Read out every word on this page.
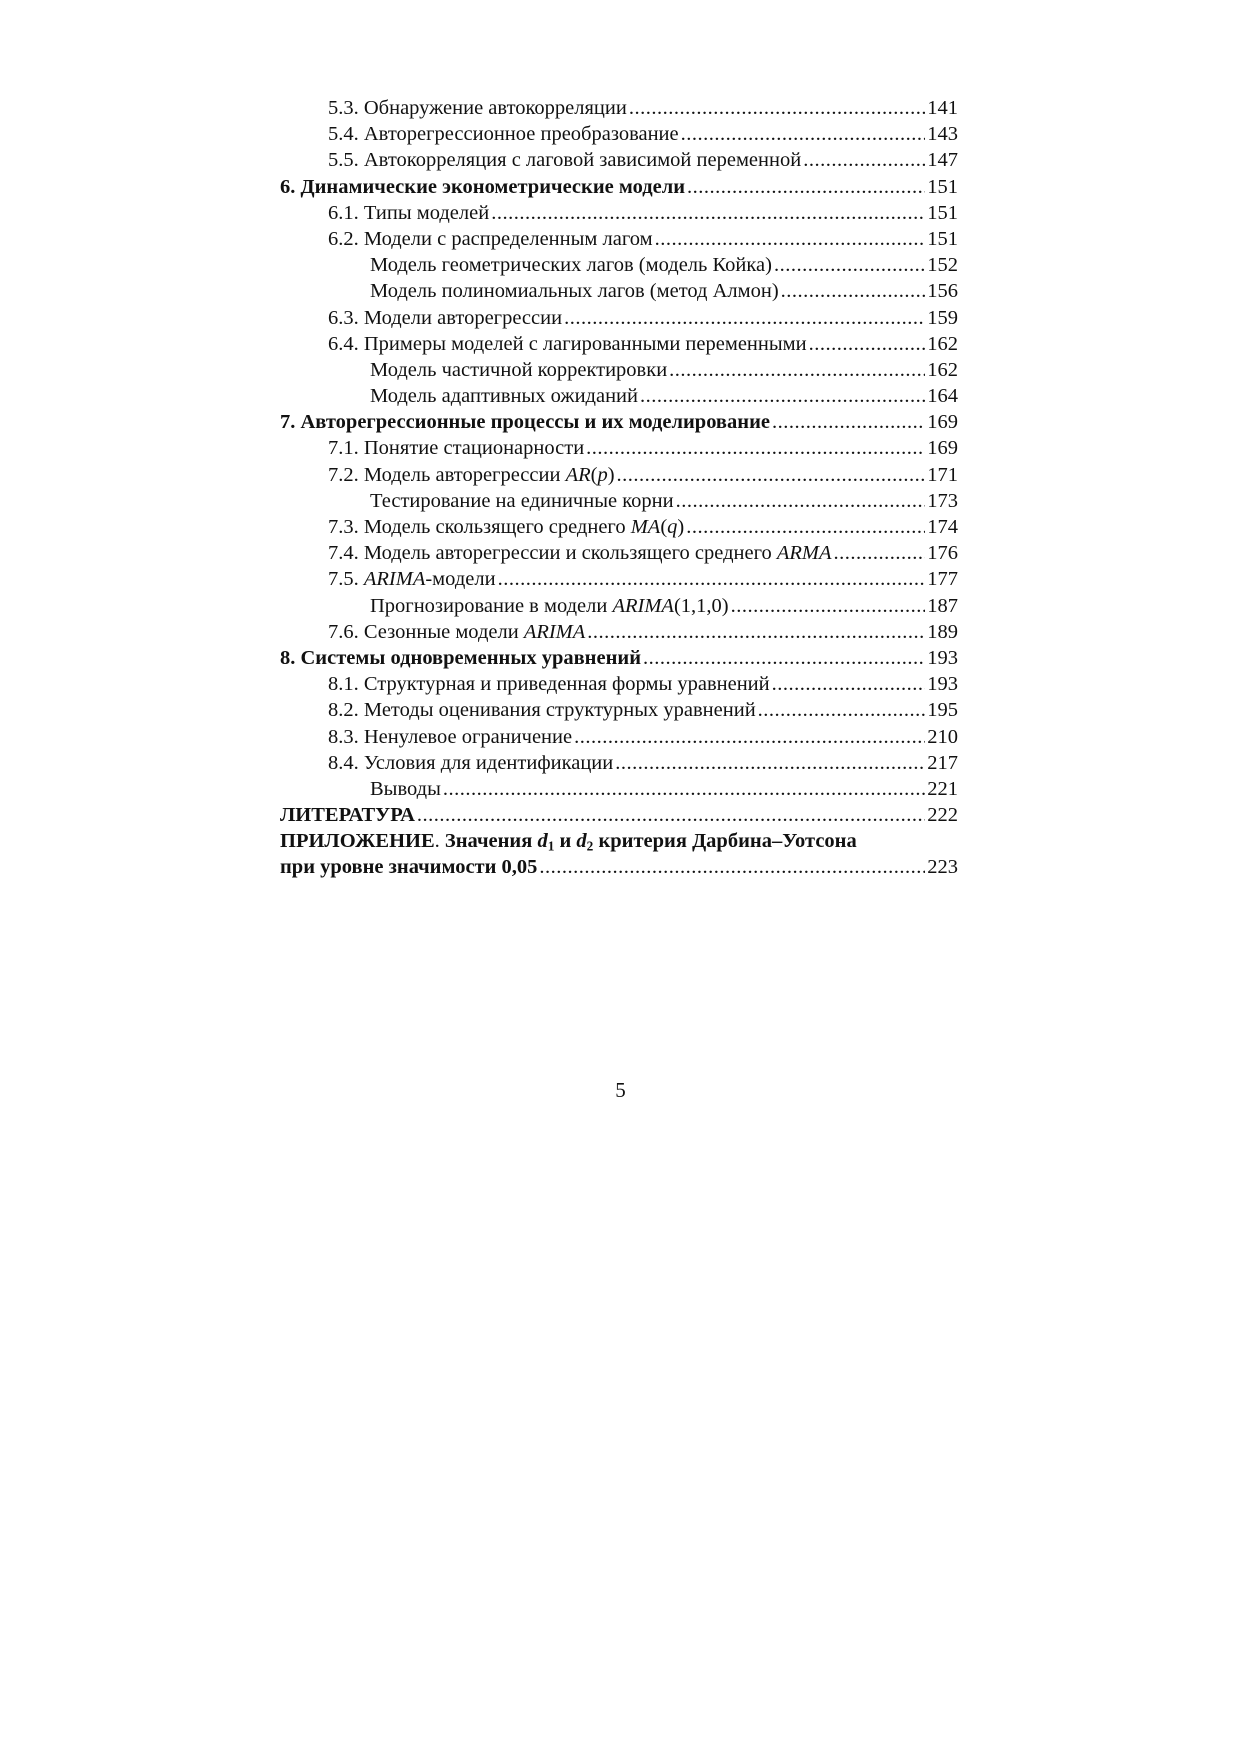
5.3. Обнаружение автокорреляции .....	141
5.4. Авторегрессионное преобразование .....	143
5.5. Автокорреляция с лаговой зависимой переменной .....	147
6. Динамические эконометрические модели .....	151
6.1. Типы моделей .....	151
6.2. Модели с распределенным лагом .....	151
Модель геометрических лагов (модель Койка) .....	152
Модель полиномиальных лагов (метод Алмон) .....	156
6.3. Модели авторегрессии .....	159
6.4. Примеры моделей с лагированными переменными .....	162
Модель частичной корректировки .....	162
Модель адаптивных ожиданий .....	164
7. Авторегрессионные процессы и их моделирование .....	169
7.1. Понятие стационарности .....	169
7.2. Модель авторегрессии AR(p) .....	171
Тестирование на единичные корни .....	173
7.3. Модель скользящего среднего MA(q) .....	174
7.4. Модель авторегрессии и скользящего среднего ARMA .....	176
7.5. ARIMA-модели .....	177
Прогнозирование в модели ARIMA(1,1,0) .....	187
7.6. Сезонные модели ARIMA .....	189
8. Системы одновременных уравнений .....	193
8.1. Структурная и приведенная формы уравнений .....	193
8.2. Методы оценивания структурных уравнений .....	195
8.3. Ненулевое ограничение .....	210
8.4. Условия для идентификации .....	217
Выводы .....	221
ЛИТЕРАТУРА .....	222
ПРИЛОЖЕНИЕ. Значения $d_1$ и $d_2$ критерия Дарбина–Уотсона
при уровне значимости 0,05 .....	223
5
